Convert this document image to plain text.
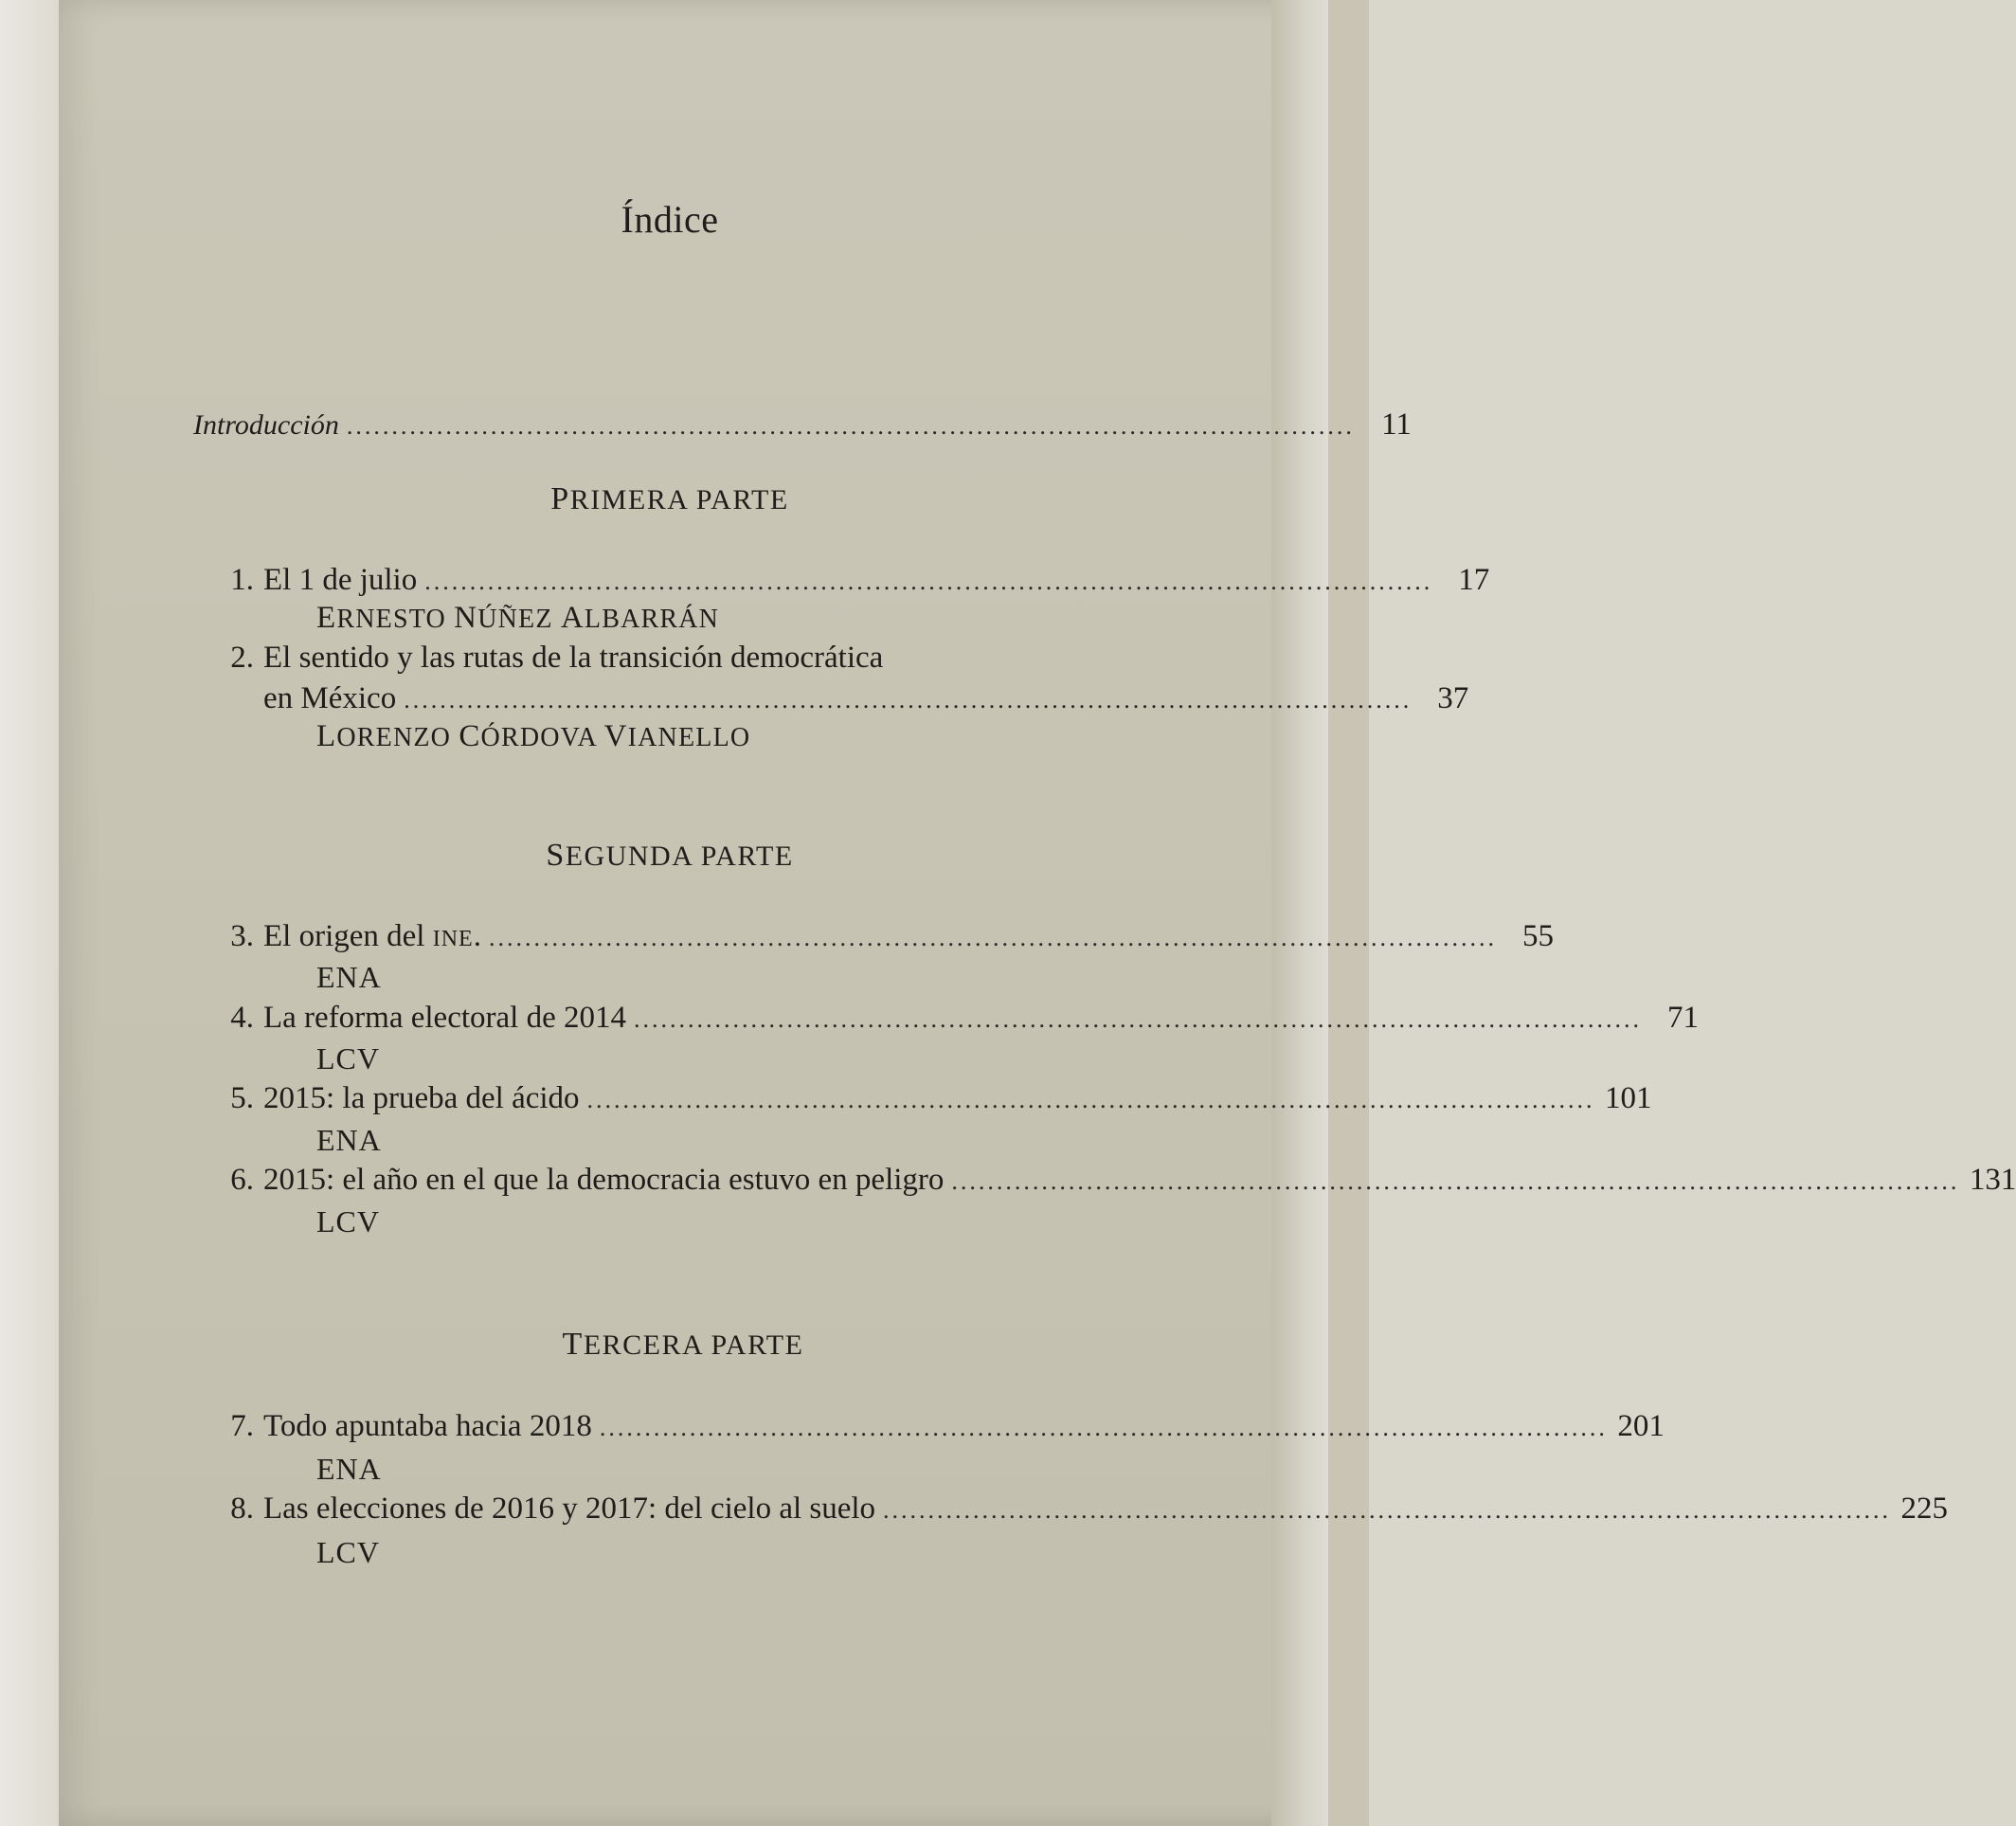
Índice
Introducción ................................................................................................................ 11
PRIMERA PARTE
1. El 1 de julio ................................................................................................................ 17
ERNESTO NÚÑEZ ALBARRÁN
2. El sentido y las rutas de la transición democrática
en México ................................................................................................................ 37
LORENZO CÓRDOVA VIANELLO
SEGUNDA PARTE
3. El origen del INE. ................................................................................................................ 55
ENA
4. La reforma electoral de 2014 ................................................................................................................ 71
LCV
5. 2015: la prueba del ácido ................................................................................................................ 101
ENA
6. 2015: el año en el que la democracia estuvo en peligro ................................................................................................................ 131
LCV
TERCERA PARTE
7. Todo apuntaba hacia 2018 ................................................................................................................ 201
ENA
8. Las elecciones de 2016 y 2017: del cielo al suelo ................................................................................................................ 225
LCV
